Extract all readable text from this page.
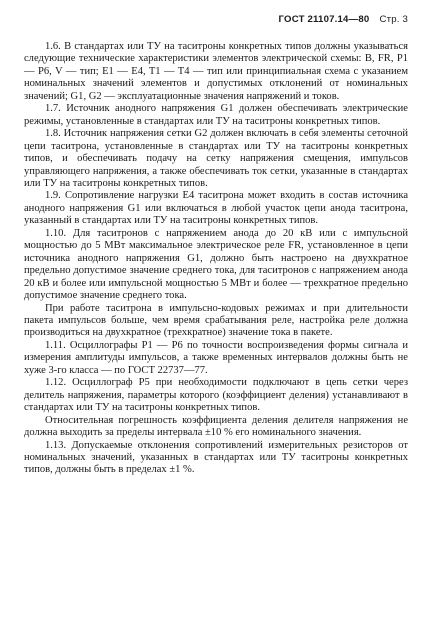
ГОСТ 21107.14—80 Стр. 3

1.6. В стандартах или ТУ на таситроны конкретных типов должны указываться следующие технические характеристики элементов электрической схемы: B, FR, P1 — P6, V — тип; E1 — E4, T1 — T4 — тип или принципиальная схема с указанием номинальных значений элементов и допустимых отклонений от номинальных значений; G1, G2 — эксплуатационные значения напряжений и токов.

1.7. Источник анодного напряжения G1 должен обеспечивать электрические режимы, установленные в стандартах или ТУ на таситроны конкретных типов.

1.8. Источник напряжения сетки G2 должен включать в себя элементы сеточной цепи таситрона, установленные в стандартах или ТУ на таситроны конкретных типов, и обеспечивать подачу на сетку напряжения смещения, импульсов управляющего напряжения, а также обеспечивать ток сетки, указанные в стандартах или ТУ на таситроны конкретных типов.

1.9. Сопротивление нагрузки E4 таситрона может входить в состав источника анодного напряжения G1 или включаться в любой участок цепи анода таситрона, указанный в стандартах или ТУ на таситроны конкретных типов.

1.10. Для таситронов с напряжением анода до 20 кВ или с импульсной мощностью до 5 МВт максимальное электрическое реле FR, установленное в цепи источника анодного напряжения G1, должно быть настроено на двухкратное предельно допустимое значение среднего тока, для таситронов с напряжением анода 20 кВ и более или импульсной мощностью 5 МВт и более — трехкратное предельно допустимое значение среднего тока.

При работе таситрона в импульсно-кодовых режимах и при длительности пакета импульсов больше, чем время срабатывания реле, настройка реле должна производиться на двухкратное (трехкратное) значение тока в пакете.

1.11. Осциллографы P1 — P6 по точности воспроизведения формы сигнала и измерения амплитуды импульсов, а также временных интервалов должны быть не хуже 3-го класса — по ГОСТ 22737—77.

1.12. Осциллограф P5 при необходимости подключают в цепь сетки через делитель напряжения, параметры которого (коэффициент деления) устанавливают в стандартах или ТУ на таситроны конкретных типов.

Относительная погрешность коэффициента деления делителя напряжения не должна выходить за пределы интервала ±10 % его номинального значения.

1.13. Допускаемые отклонения сопротивлений измерительных резисторов от номинальных значений, указанных в стандартах или ТУ таситроны конкретных типов, должны быть в пределах ±1 %.
